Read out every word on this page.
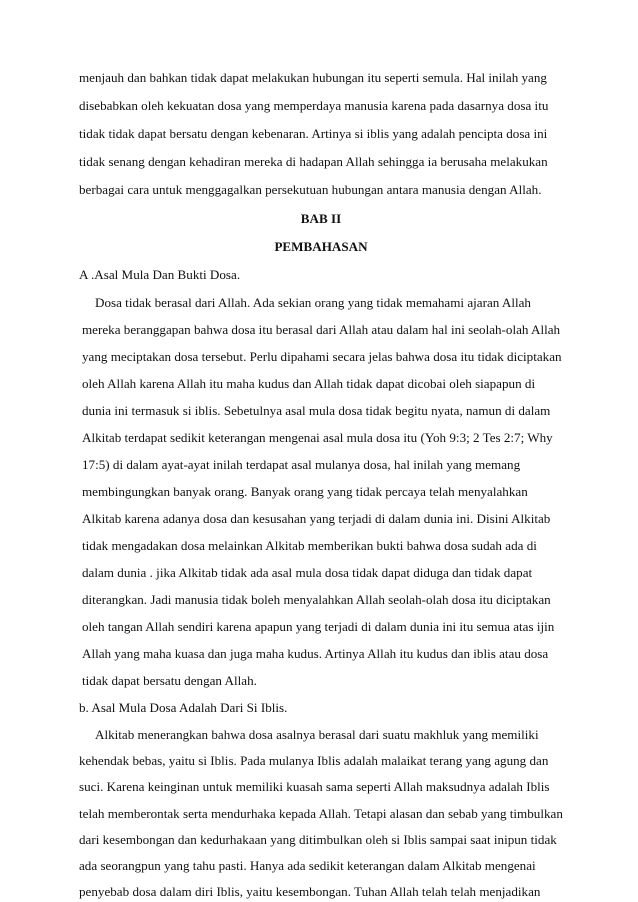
menjauh dan bahkan tidak dapat melakukan hubungan itu seperti semula. Hal inilah yang
disebabkan oleh kekuatan dosa yang memperdaya manusia karena pada dasarnya dosa itu
tidak tidak dapat bersatu dengan kebenaran. Artinya si iblis yang adalah pencipta dosa ini
tidak senang dengan kehadiran mereka di hadapan Allah sehingga ia berusaha melakukan
berbagai cara untuk menggagalkan persekutuan hubungan antara manusia dengan Allah.
BAB II
PEMBAHASAN
A .Asal Mula Dan Bukti Dosa.
Dosa tidak berasal dari Allah. Ada sekian orang yang tidak memahami ajaran Allah
mereka beranggapan bahwa dosa itu berasal dari Allah atau dalam hal ini seolah-olah Allah
yang meciptakan dosa tersebut. Perlu dipahami secara jelas bahwa dosa itu tidak diciptakan
oleh Allah karena Allah itu maha kudus dan Allah tidak dapat dicobai oleh siapapun di
dunia ini termasuk si iblis. Sebetulnya asal mula dosa tidak begitu nyata, namun di dalam
Alkitab terdapat sedikit keterangan mengenai asal mula dosa itu (Yoh 9:3; 2 Tes 2:7; Why
17:5) di dalam ayat-ayat inilah terdapat asal mulanya dosa, hal inilah yang memang
membingungkan banyak orang. Banyak orang yang tidak percaya telah menyalahkan
Alkitab karena adanya dosa dan kesusahan yang terjadi di dalam dunia ini. Disini Alkitab
tidak mengadakan dosa melainkan Alkitab memberikan bukti bahwa dosa sudah ada di
dalam dunia . jika Alkitab tidak ada asal mula dosa tidak dapat diduga dan tidak dapat
diterangkan. Jadi manusia tidak boleh menyalahkan Allah seolah-olah dosa itu diciptakan
oleh tangan Allah sendiri karena apapun yang terjadi di dalam dunia ini itu semua atas ijin
Allah yang maha kuasa dan juga maha kudus. Artinya Allah itu kudus dan iblis atau dosa
tidak dapat bersatu dengan Allah.
b. Asal Mula Dosa Adalah Dari Si Iblis.
Alkitab menerangkan bahwa dosa asalnya berasal dari suatu makhluk yang memiliki
kehendak bebas, yaitu si Iblis. Pada mulanya Iblis adalah malaikat terang yang agung dan
suci. Karena keinginan untuk memiliki kuasah sama seperti Allah maksudnya adalah Iblis
telah memberontak serta mendurhaka kepada Allah. Tetapi alasan dan sebab yang timbulkan
dari kesembongan dan kedurhakaan yang ditimbulkan oleh si Iblis sampai saat inipun tidak
ada seorangpun yang tahu pasti. Hanya ada sedikit keterangan dalam Alkitab mengenai
penyebab dosa dalam diri Iblis, yaitu kesembongan. Tuhan Allah telah telah menjadikan
